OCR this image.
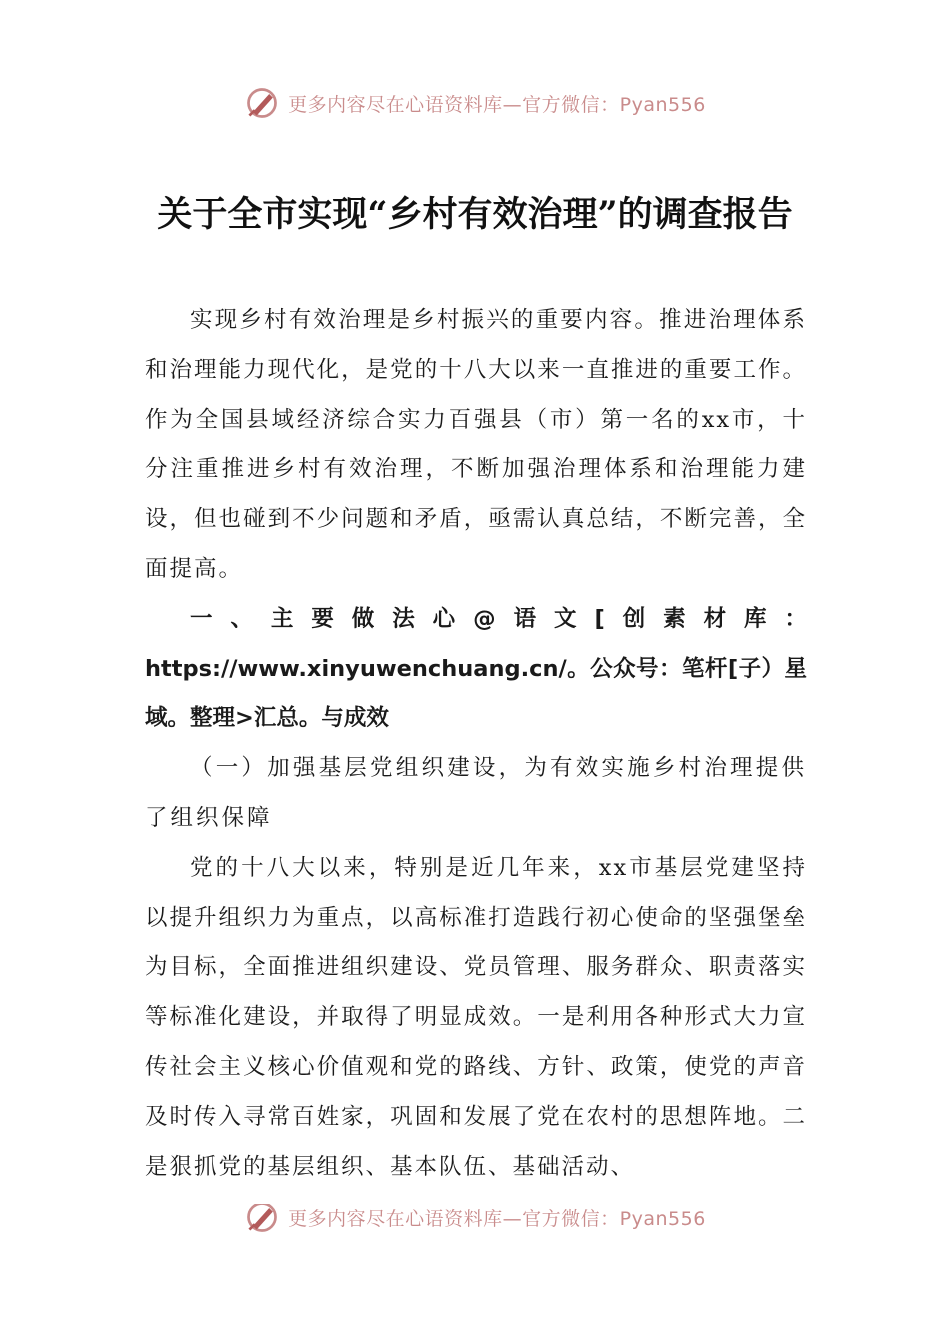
更多内容尽在心语资料库—官方微信：Pyan556
关于全市实现“乡村有效治理”的调查报告

实现乡村有效治理是乡村振兴的重要内容。推进治理体系和治理能力现代化，是党的十八大以来一直推进的重要工作。作为全国县域经济综合实力百强县（市）第一名的xx市，十分注重推进乡村有效治理，不断加强治理体系和治理能力建设，但也碰到不少问题和矛盾，亟需认真总结，不断完善，全面提高。

一、主要做法心@语文[创素材库：https://www.xinyuwenchuang.cn/。公众号：笔杆[子）星域。整理>汇总。与成效

（一）加强基层党组织建设，为有效实施乡村治理提供了组织保障

党的十八大以来，特别是近几年来，xx市基层党建坚持以提升组织力为重点，以高标准打造践行初心使命的坚强堡垒为目标，全面推进组织建设、党员管理、服务群众、职责落实等标准化建设，并取得了明显成效。一是利用各种形式大力宣传社会主义核心价值观和党的路线、方针、政策，使党的声音及时传入寻常百姓家，巩固和发展了党在农村的思想阵地。二是狠抓党的基层组织、基本队伍、基础活动、

更多内容尽在心语资料库—官方微信：Pyan556
